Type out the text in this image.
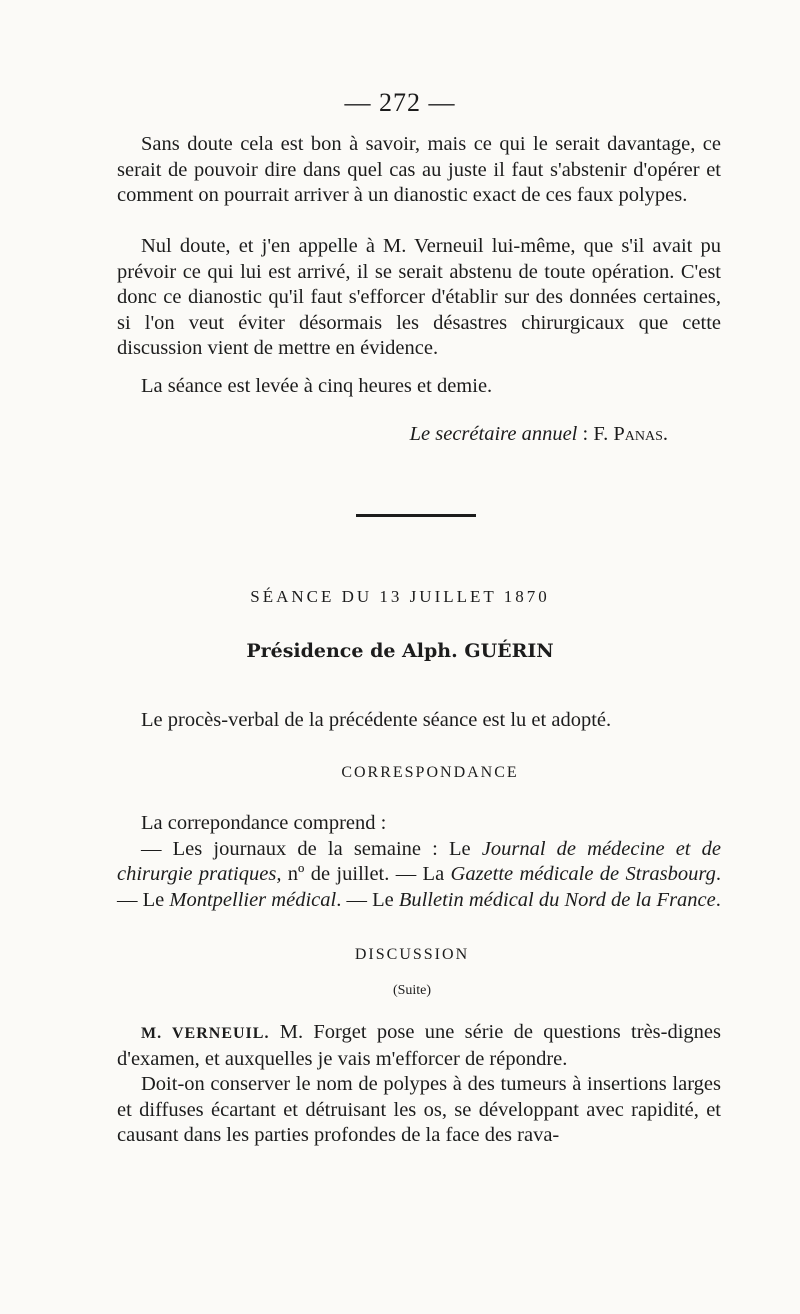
— 272 —

Sans doute cela est bon à savoir, mais ce qui le serait davantage, ce serait de pouvoir dire dans quel cas au juste il faut s'abstenir d'opérer et comment on pourrait arriver à un dianostic exact de ces faux polypes.

Nul doute, et j'en appelle à M. Verneuil lui-même, que s'il avait pu prévoir ce qui lui est arrivé, il se serait abstenu de toute opération. C'est donc ce dianostic qu'il faut s'efforcer d'établir sur des données certaines, si l'on veut éviter désormais les désastres chirurgicaux que cette discussion vient de mettre en évidence.

La séance est levée à cinq heures et demie.

Le secrétaire annuel : F. Panas.
SÉANCE DU 13 JUILLET 1870
Présidence de Alph. GUÉRIN

Le procès-verbal de la précédente séance est lu et adopté.

CORRESPONDANCE

La correpondance comprend :

— Les journaux de la semaine : Le Journal de médecine et de chirurgie pratiques, nº de juillet. — La Gazette médicale de Strasbourg. — Le Montpellier médical. — Le Bulletin médical du Nord de la France.

DISCUSSION
(Suite)

M. VERNEUIL. M. Forget pose une série de questions très-dignes d'examen, et auxquelles je vais m'efforcer de répondre.

Doit-on conserver le nom de polypes à des tumeurs à insertions larges et diffuses écartant et détruisant les os, se développant avec rapidité, et causant dans les parties profondes de la face des rava-
